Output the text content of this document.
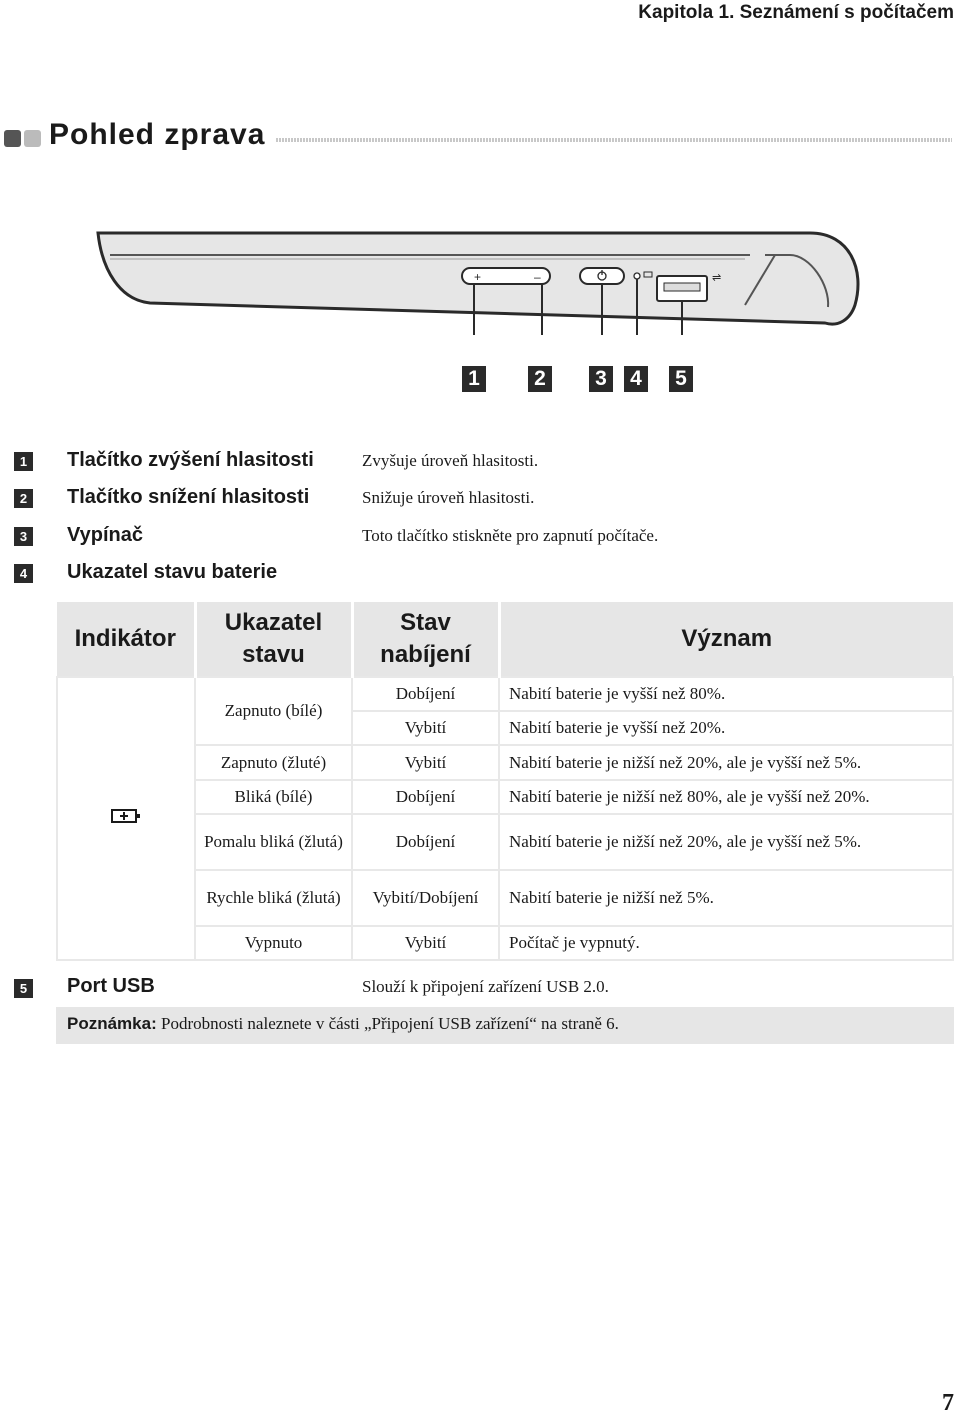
Kapitola 1. Seznámení s počítačem
Pohled zprava
+	–	⇌
1	2 3 4 5
1 Tlačítko zvýšení hlasitosti	Zvyšuje úroveň hlasitosti.
2 Tlačítko snížení hlasitosti	Snižuje úroveň hlasitosti.
3 Vypínač	Toto tlačítko stiskněte pro zapnutí počítače.
4 Ukazatel stavu baterie
Indikátor	Ukazatel stavu	Stav nabíjení	Význam
	Zapnuto (bílé)	Dobíjení	Nabití baterie je vyšší než 80%.
		Vybití	Nabití baterie je vyšší než 20%.
	Zapnuto (žluté)	Vybití	Nabití baterie je nižší než 20%, ale je vyšší než 5%.
	Bliká (bílé)	Dobíjení	Nabití baterie je nižší než 80%, ale je vyšší než 20%.
	Pomalu bliká (žlutá)	Dobíjení	Nabití baterie je nižší než 20%, ale je vyšší než 5%.
	Rychle bliká (žlutá)	Vybití/Dobíjení	Nabití baterie je nižší než 5%.
	Vypnuto	Vybití	Počítač je vypnutý.
5 Port USB	Slouží k připojení zařízení USB 2.0.
Poznámka: Podrobnosti naleznete v části „Připojení USB zařízení“ na straně 6.
7
